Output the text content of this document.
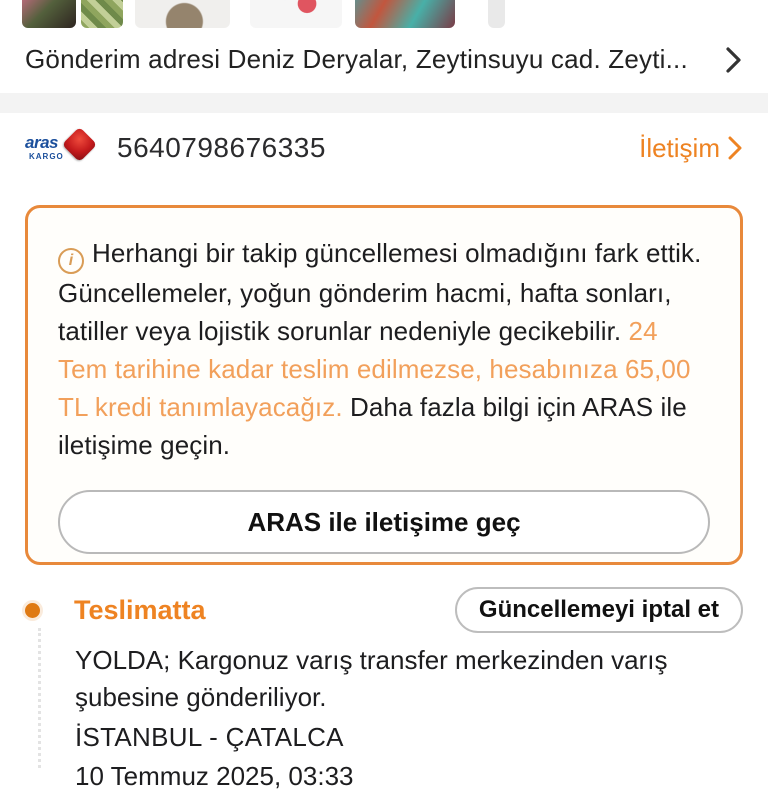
Gönderim adresi Deniz Deryalar, Zeytinsuyu cad. Zeyti...
aras
KARGO 5640798676335	İletişim
i Herhangi bir takip güncellemesi olmadığını fark ettik. Güncellemeler, yoğun gönderim hacmi, hafta sonları, tatiller veya lojistik sorunlar nedeniyle gecikebilir. 24 Tem tarihine kadar teslim edilmezse, hesabınıza 65,00 TL kredi tanımlayacağız. Daha fazla bilgi için ARAS ile iletişime geçin.
ARAS ile iletişime geç
Teslimatta	Güncellemeyi iptal et
YOLDA; Kargonuz varış transfer merkezinden varış şubesine gönderiliyor.
İSTANBUL - ÇATALCA
10 Temmuz 2025, 03:33
